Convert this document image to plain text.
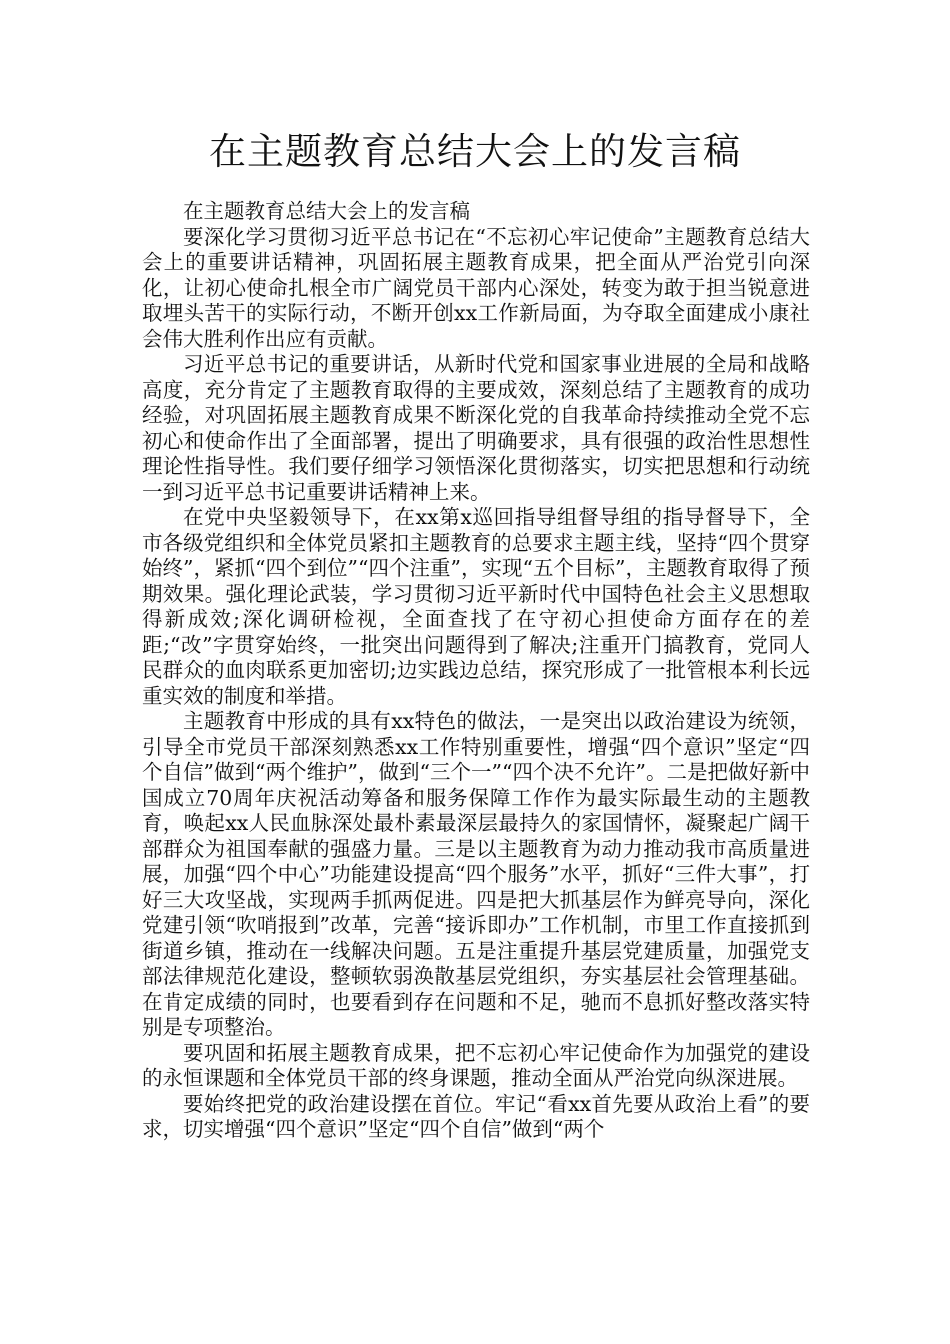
在主题教育总结大会上的发言稿

在主题教育总结大会上的发言稿

要深化学习贯彻习近平总书记在“不忘初心牢记使命”主题教育总结大会上的重要讲话精神，巩固拓展主题教育成果，把全面从严治党引向深化，让初心使命扎根全市广阔党员干部内心深处，转变为敢于担当锐意进取埋头苦干的实际行动，不断开创xx工作新局面，为夺取全面建成小康社会伟大胜利作出应有贡献。

习近平总书记的重要讲话，从新时代党和国家事业进展的全局和战略高度，充分肯定了主题教育取得的主要成效，深刻总结了主题教育的成功经验，对巩固拓展主题教育成果不断深化党的自我革命持续推动全党不忘初心和使命作出了全面部署，提出了明确要求，具有很强的政治性思想性理论性指导性。我们要仔细学习领悟深化贯彻落实，切实把思想和行动统一到习近平总书记重要讲话精神上来。

在党中央坚毅领导下，在xx第x巡回指导组督导组的指导督导下，全市各级党组织和全体党员紧扣主题教育的总要求主题主线，坚持“四个贯穿始终”，紧抓“四个到位”“四个注重”，实现“五个目标”，主题教育取得了预期效果。强化理论武装，学习贯彻习近平新时代中国特色社会主义思想取得新成效;深化调研检视，全面查找了在守初心担使命方面存在的差距;“改”字贯穿始终，一批突出问题得到了解决;注重开门搞教育，党同人民群众的血肉联系更加密切;边实践边总结，探究形成了一批管根本利长远重实效的制度和举措。

主题教育中形成的具有xx特色的做法，一是突出以政治建设为统领，引导全市党员干部深刻熟悉xx工作特别重要性，增强“四个意识”坚定“四个自信”做到“两个维护”，做到“三个一”“四个决不允许”。二是把做好新中国成立70周年庆祝活动筹备和服务保障工作作为最实际最生动的主题教育，唤起xx人民血脉深处最朴素最深层最持久的家国情怀，凝聚起广阔干部群众为祖国奉献的强盛力量。三是以主题教育为动力推动我市高质量进展，加强“四个中心”功能建设提高“四个服务”水平，抓好“三件大事”，打好三大攻坚战，实现两手抓两促进。四是把大抓基层作为鲜亮导向，深化党建引领“吹哨报到”改革，完善“接诉即办”工作机制，市里工作直接抓到街道乡镇，推动在一线解决问题。五是注重提升基层党建质量，加强党支部法律规范化建设，整顿软弱涣散基层党组织，夯实基层社会管理基础。在肯定成绩的同时，也要看到存在问题和不足，驰而不息抓好整改落实特别是专项整治。

要巩固和拓展主题教育成果，把不忘初心牢记使命作为加强党的建设的永恒课题和全体党员干部的终身课题，推动全面从严治党向纵深进展。

要始终把党的政治建设摆在首位。牢记“看xx首先要从政治上看”的要求，切实增强“四个意识”坚定“四个自信”做到“两个
